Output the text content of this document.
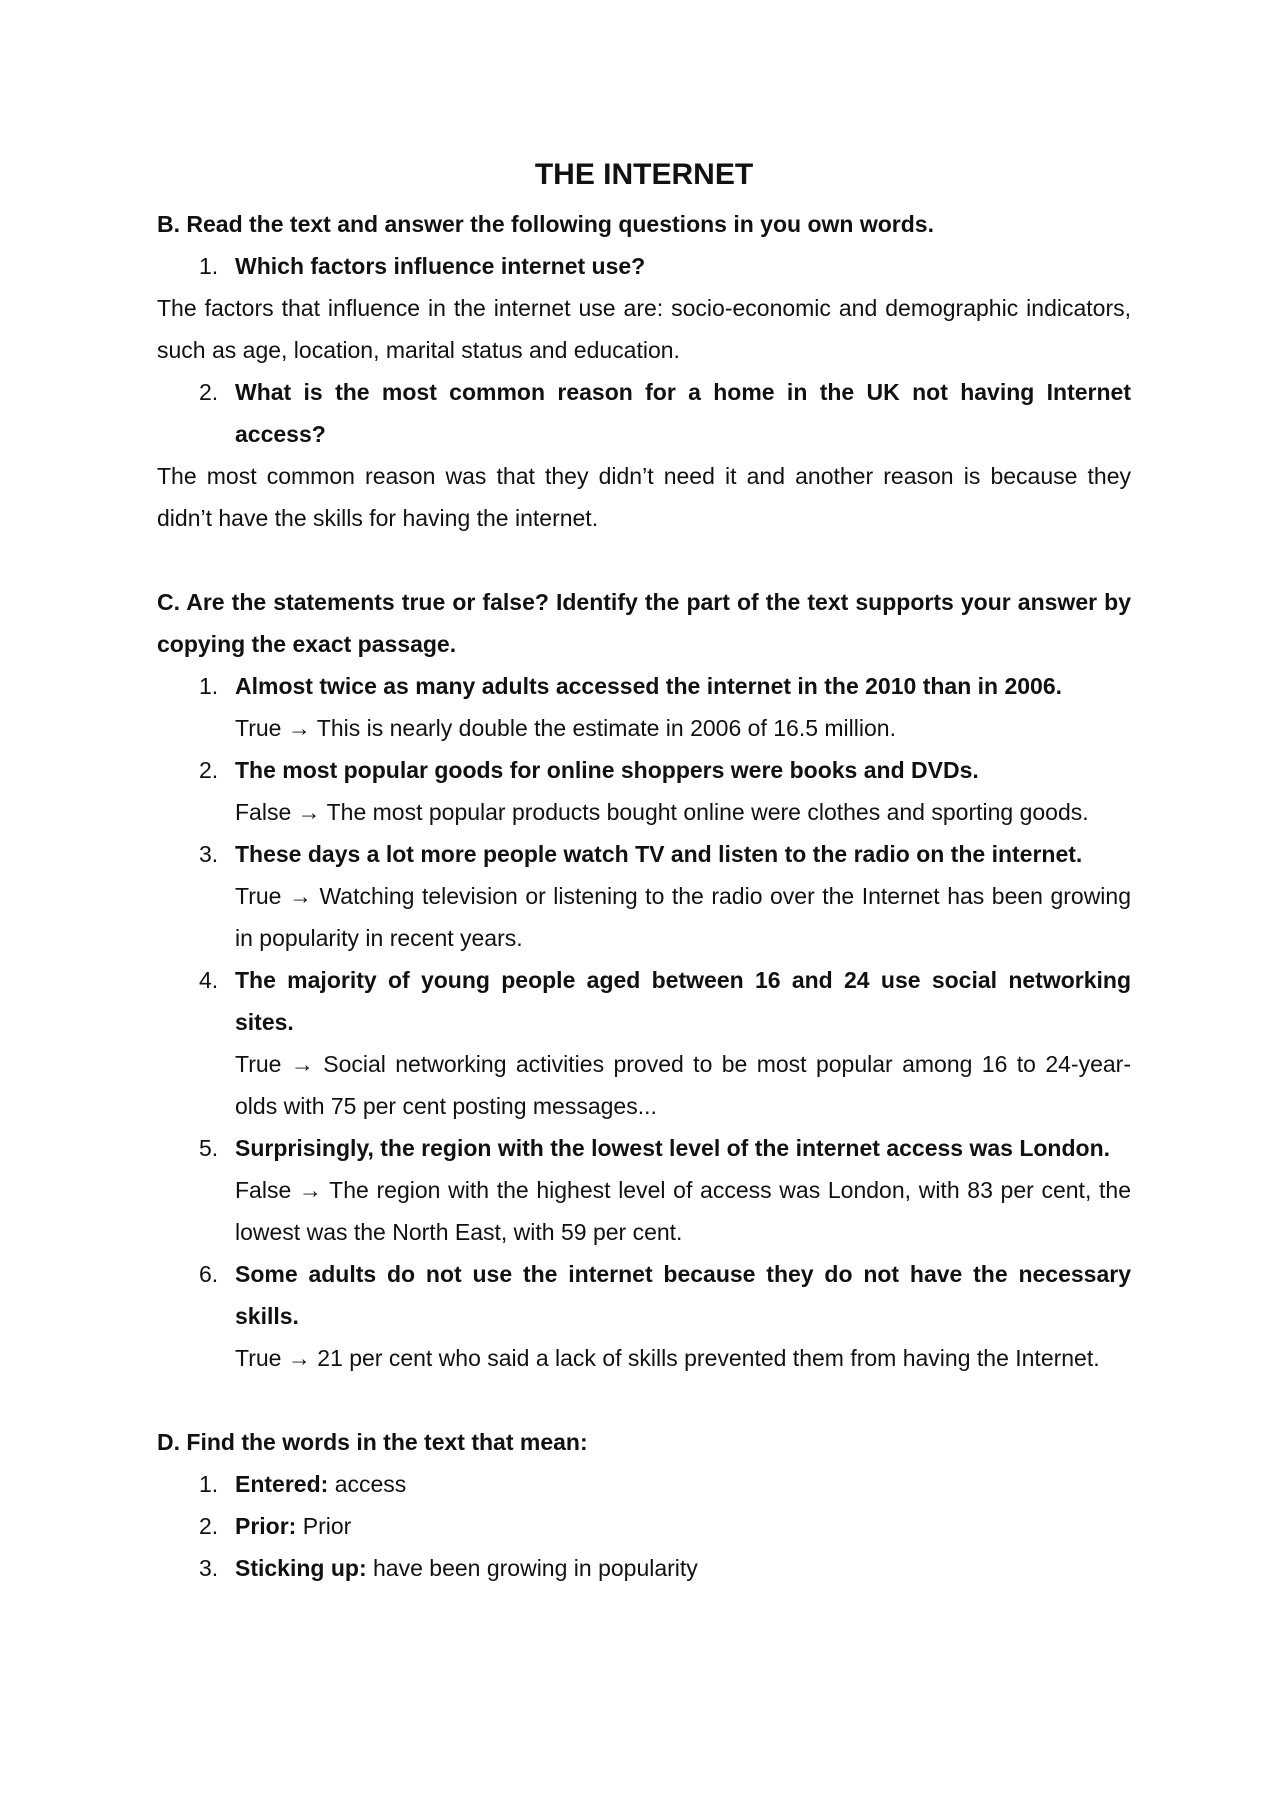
THE INTERNET

B. Read the text and answer the following questions in you own words.

1. Which factors influence internet use?

The factors that influence in the internet use are: socio-economic and demographic indicators, such as age, location, marital status and education.

2. What is the most common reason for a home in the UK not having Internet access?

The most common reason was that they didn’t need it and another reason is because they didn’t have the skills for having the internet.

C. Are the statements true or false? Identify the part of the text supports your answer by copying the exact passage.

1. Almost twice as many adults accessed the internet in the 2010 than in 2006.

True → This is nearly double the estimate in 2006 of 16.5 million.

2. The most popular goods for online shoppers were books and DVDs.

False → The most popular products bought online were clothes and sporting goods.

3. These days a lot more people watch TV and listen to the radio on the internet.

True → Watching television or listening to the radio over the Internet has been growing in popularity in recent years.

4. The majority of young people aged between 16 and 24 use social networking sites.

True → Social networking activities proved to be most popular among 16 to 24-year-olds with 75 per cent posting messages...

5. Surprisingly, the region with the lowest level of the internet access was London.

False → The region with the highest level of access was London, with 83 per cent, the lowest was the North East, with 59 per cent.

6. Some adults do not use the internet because they do not have the necessary skills.

True → 21 per cent who said a lack of skills prevented them from having the Internet.

D. Find the words in the text that mean:

1. Entered: access
2. Prior: Prior
3. Sticking up: have been growing in popularity
